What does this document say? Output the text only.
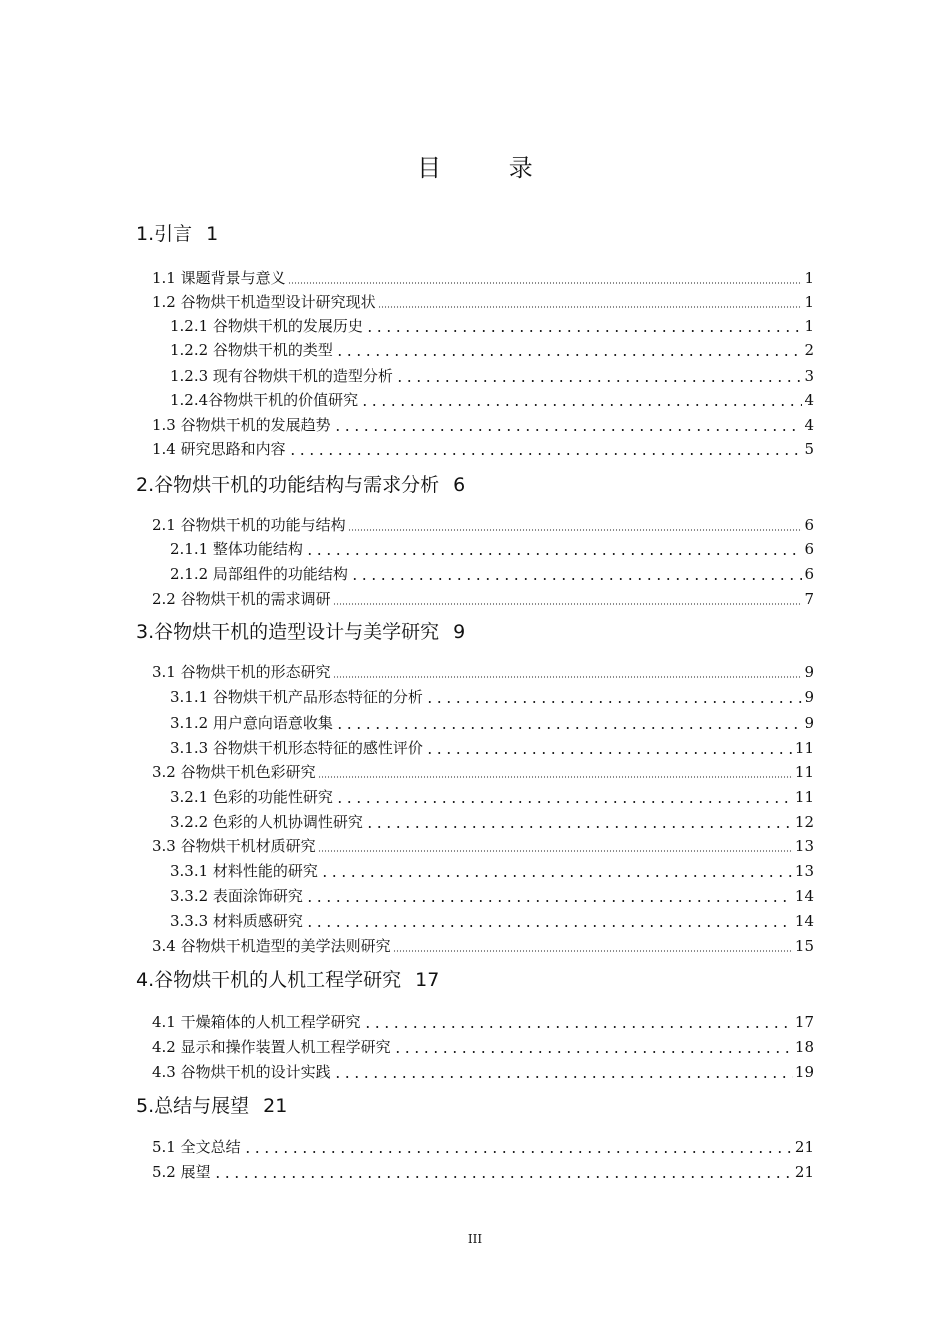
目 录
1.引言 1
1.1 课题背景与意义	1
1.2 谷物烘干机造型设计研究现状	1
1.2.1 谷物烘干机的发展历史	1
1.2.2 谷物烘干机的类型	2
1.2.3 现有谷物烘干机的造型分析	3
1.2.4谷物烘干机的价值研究	4
1.3 谷物烘干机的发展趋势	4
1.4 研究思路和内容	5
2.谷物烘干机的功能结构与需求分析 6
2.1 谷物烘干机的功能与结构	6
2.1.1 整体功能结构	6
2.1.2 局部组件的功能结构	6
2.2 谷物烘干机的需求调研	7
3.谷物烘干机的造型设计与美学研究 9
3.1 谷物烘干机的形态研究	9
3.1.1 谷物烘干机产品形态特征的分析	9
3.1.2 用户意向语意收集	9
3.1.3 谷物烘干机形态特征的感性评价	11
3.2 谷物烘干机色彩研究	11
3.2.1 色彩的功能性研究	11
3.2.2 色彩的人机协调性研究	12
3.3 谷物烘干机材质研究	13
3.3.1 材料性能的研究	13
3.3.2 表面涂饰研究	14
3.3.3 材料质感研究	14
3.4 谷物烘干机造型的美学法则研究	15
4.谷物烘干机的人机工程学研究 17
4.1 干燥箱体的人机工程学研究	17
4.2 显示和操作装置人机工程学研究	18
4.3 谷物烘干机的设计实践	19
5.总结与展望 21
5.1 全文总结	21
5.2 展望	21
III
